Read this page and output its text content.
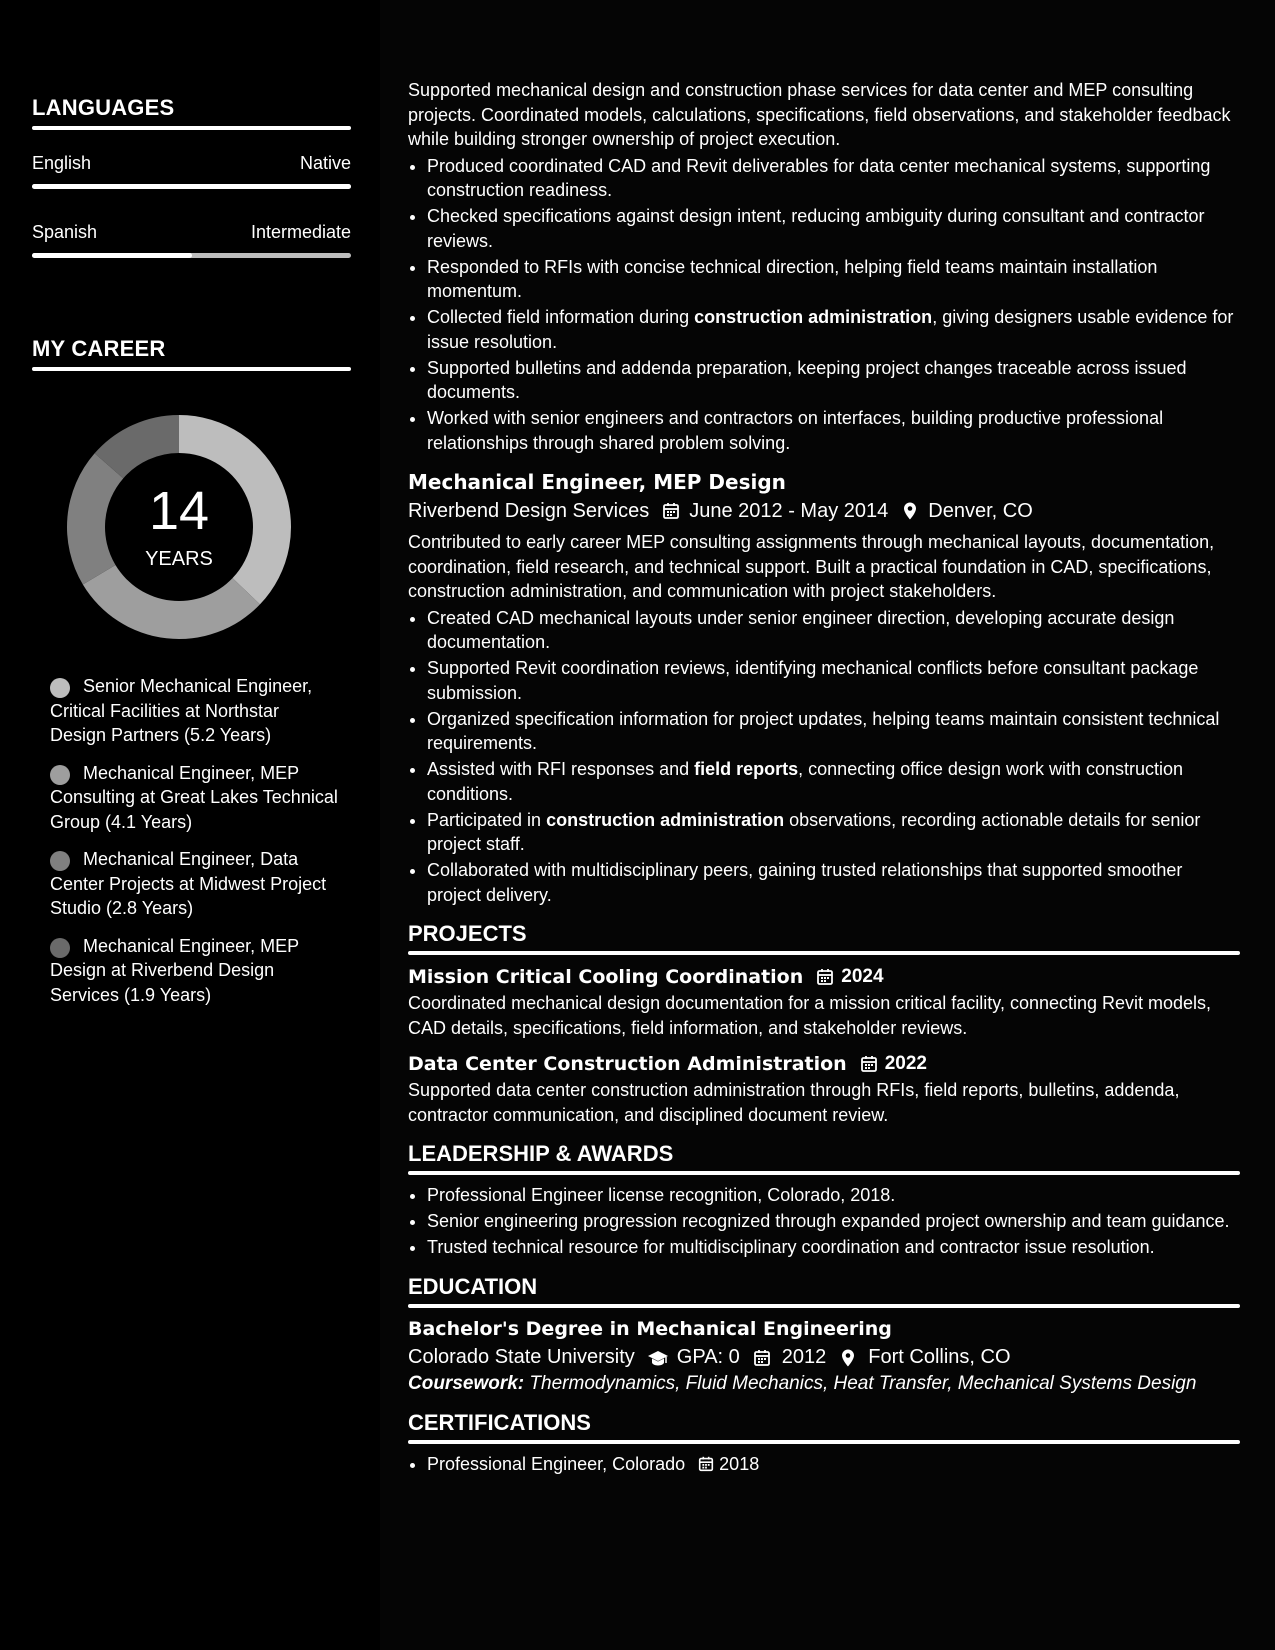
LANGUAGES
English	Native
Spanish	Intermediate
MY CAREER
14
YEARS
Senior Mechanical Engineer, Critical Facilities at Northstar Design Partners (5.2 Years)
Mechanical Engineer, MEP Consulting at Great Lakes Technical Group (4.1 Years)
Mechanical Engineer, Data Center Projects at Midwest Project Studio (2.8 Years)
Mechanical Engineer, MEP Design at Riverbend Design Services (1.9 Years)

Supported mechanical design and construction phase services for data center and MEP consulting projects. Coordinated models, calculations, specifications, field observations, and stakeholder feedback while building stronger ownership of project execution.

• Produced coordinated CAD and Revit deliverables for data center mechanical systems, supporting construction readiness.
• Checked specifications against design intent, reducing ambiguity during consultant and contractor reviews.
• Responded to RFIs with concise technical direction, helping field teams maintain installation momentum.
• Collected field information during construction administration, giving designers usable evidence for issue resolution.
• Supported bulletins and addenda preparation, keeping project changes traceable across issued documents.
• Worked with senior engineers and contractors on interfaces, building productive professional relationships through shared problem solving.
Mechanical Engineer, MEP Design
Riverbend Design Services June 2012 - May 2014 Denver, CO

Contributed to early career MEP consulting assignments through mechanical layouts, documentation, coordination, field research, and technical support. Built a practical foundation in CAD, specifications, construction administration, and communication with project stakeholders.

• Created CAD mechanical layouts under senior engineer direction, developing accurate design documentation.
• Supported Revit coordination reviews, identifying mechanical conflicts before consultant package submission.
• Organized specification information for project updates, helping teams maintain consistent technical requirements.
• Assisted with RFI responses and field reports, connecting office design work with construction conditions.
• Participated in construction administration observations, recording actionable details for senior project staff.
• Collaborated with multidisciplinary peers, gaining trusted relationships that supported smoother project delivery.
PROJECTS
Mission Critical Cooling Coordination 2024

Coordinated mechanical design documentation for a mission critical facility, connecting Revit models, CAD details, specifications, field information, and stakeholder reviews.

Data Center Construction Administration 2022

Supported data center construction administration through RFIs, field reports, bulletins, addenda, contractor communication, and disciplined document review.

LEADERSHIP & AWARDS
• Professional Engineer license recognition, Colorado, 2018.
• Senior engineering progression recognized through expanded project ownership and team guidance.
• Trusted technical resource for multidisciplinary coordination and contractor issue resolution.
EDUCATION
Bachelor's Degree in Mechanical Engineering
Colorado State University GPA: 0 2012 Fort Collins, CO
Coursework: Thermodynamics, Fluid Mechanics, Heat Transfer, Mechanical Systems Design
CERTIFICATIONS
• Professional Engineer, Colorado 2018
